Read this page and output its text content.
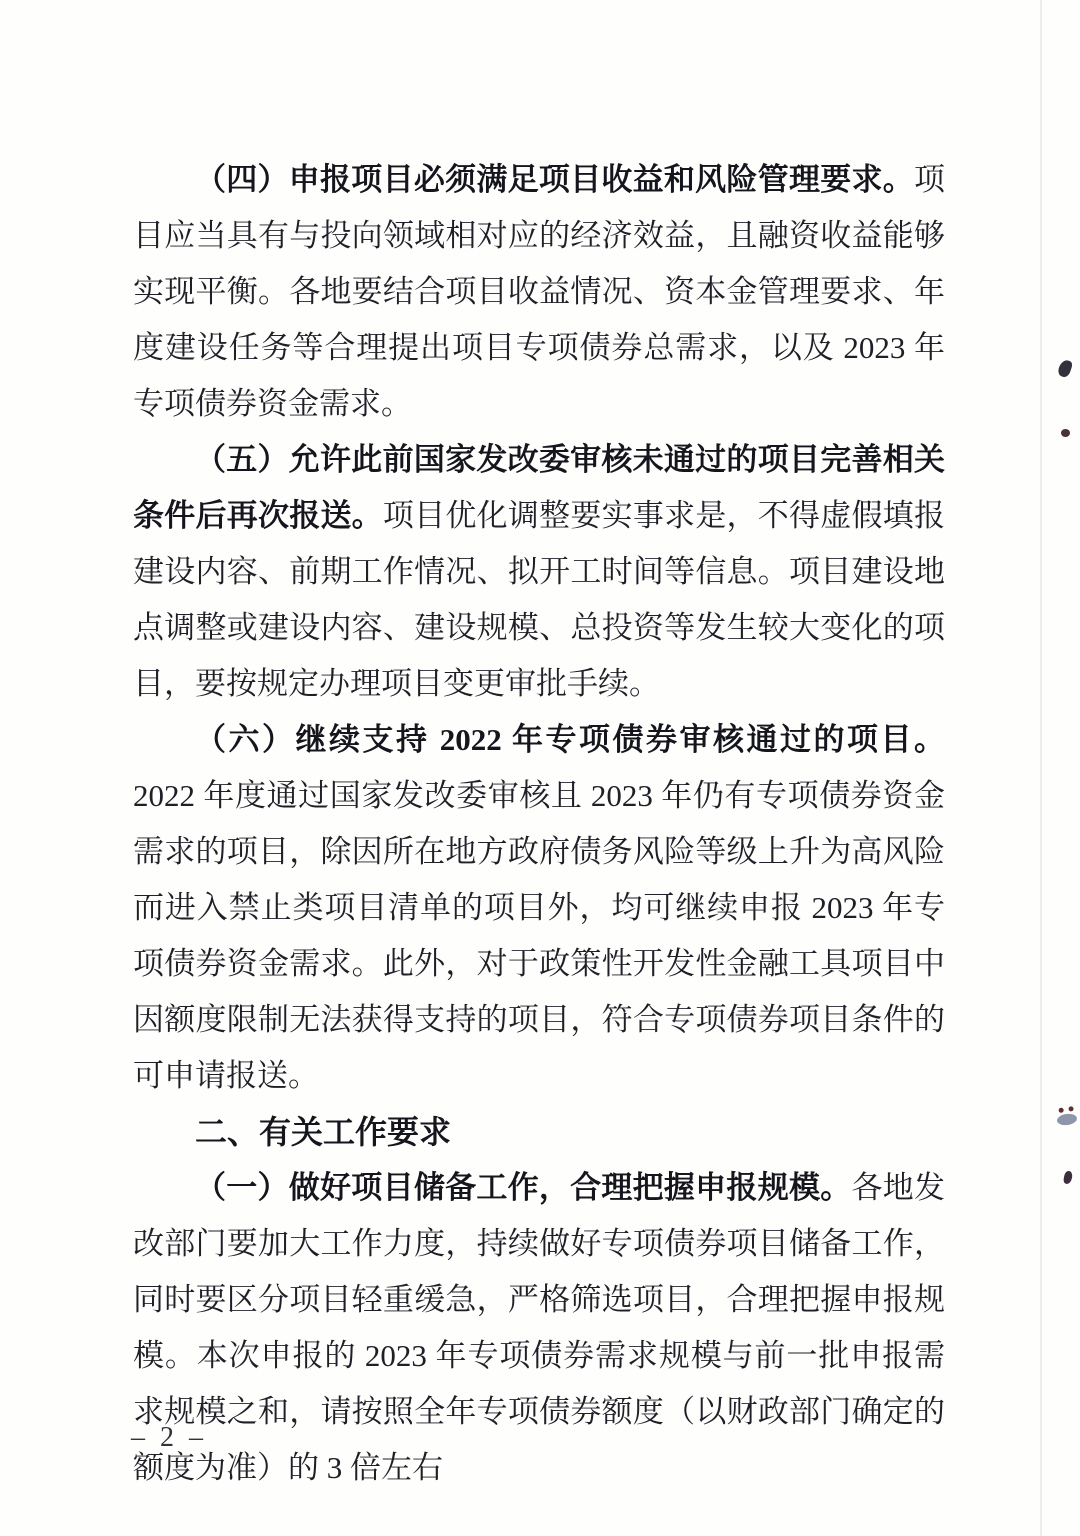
（四）申报项目必须满足项目收益和风险管理要求。项目应当具有与投向领域相对应的经济效益，且融资收益能够实现平衡。各地要结合项目收益情况、资本金管理要求、年度建设任务等合理提出项目专项债券总需求，以及 2023 年专项债券资金需求。

（五）允许此前国家发改委审核未通过的项目完善相关条件后再次报送。项目优化调整要实事求是，不得虚假填报建设内容、前期工作情况、拟开工时间等信息。项目建设地点调整或建设内容、建设规模、总投资等发生较大变化的项目，要按规定办理项目变更审批手续。

（六）继续支持 2022 年专项债券审核通过的项目。2022 年度通过国家发改委审核且 2023 年仍有专项债券资金需求的项目，除因所在地方政府债务风险等级上升为高风险而进入禁止类项目清单的项目外，均可继续申报 2023 年专项债券资金需求。此外，对于政策性开发性金融工具项目中因额度限制无法获得支持的项目，符合专项债券项目条件的可申请报送。

二、有关工作要求

（一）做好项目储备工作，合理把握申报规模。各地发改部门要加大工作力度，持续做好专项债券项目储备工作，同时要区分项目轻重缓急，严格筛选项目，合理把握申报规模。本次申报的 2023 年专项债券需求规模与前一批申报需求规模之和，请按照全年专项债券额度（以财政部门确定的额度为准）的 3 倍左右

– 2 –
